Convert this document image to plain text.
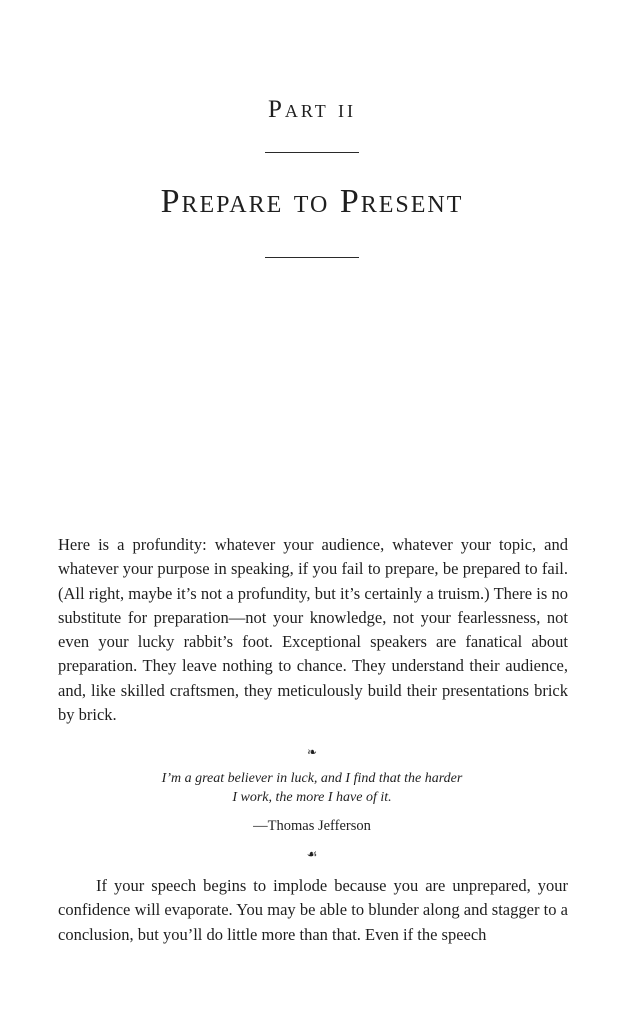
Part ii
Prepare to Present

Here is a profundity: whatever your audience, whatever your topic, and whatever your purpose in speaking, if you fail to prepare, be prepared to fail. (All right, maybe it’s not a profundity, but it’s certainly a truism.) There is no substitute for preparation—not your knowledge, not your fearlessness, not even your lucky rabbit’s foot. Exceptional speakers are fanatical about preparation. They leave nothing to chance. They understand their audience, and, like skilled craftsmen, they meticulously build their presentations brick by brick.

❧
I’m a great believer in luck, and I find that the harder
I work, the more I have of it.
—Thomas Jefferson
☙

If your speech begins to implode because you are unprepared, your confidence will evaporate. You may be able to blunder along and stagger to a conclusion, but you’ll do little more than that. Even if the speech
